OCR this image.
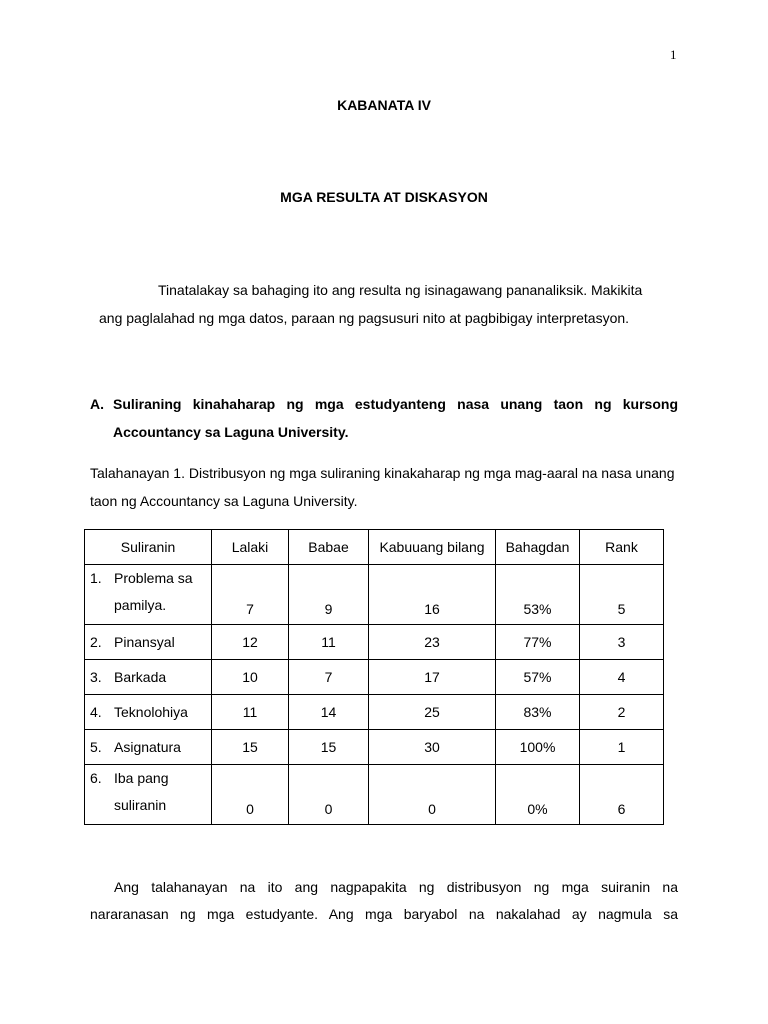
1
KABANATA IV
MGA RESULTA AT DISKASYON
Tinatalakay sa bahaging ito ang resulta ng isinagawang pananaliksik. Makikita
ang paglalahad ng mga datos, paraan ng pagsusuri nito at pagbibigay interpretasyon.
A. Suliraning kinahaharap ng mga estudyanteng nasa unang taon ng kursong Accountancy sa Laguna University.
Talahanayan 1. Distribusyon ng mga suliraning kinakaharap ng mga mag-aaral na nasa unang taon ng Accountancy sa Laguna University.
Suliranin	Lalaki	Babae	Kabuuang bilang	Bahagdan	Rank
1. Problema sa
pamilya.	7	9	16	53%	5
2. Pinansyal	12	11	23	77%	3
3. Barkada	10	7	17	57%	4
4. Teknolohiya	11	14	25	83%	2
5. Asignatura	15	15	30	100%	1
6. Iba pang
suliranin	0	0	0	0%	6
Ang talahanayan na ito ang nagpapakita ng distribusyon ng mga suiranin na
nararanasan ng mga estudyante. Ang mga baryabol na nakalahad ay nagmula sa
